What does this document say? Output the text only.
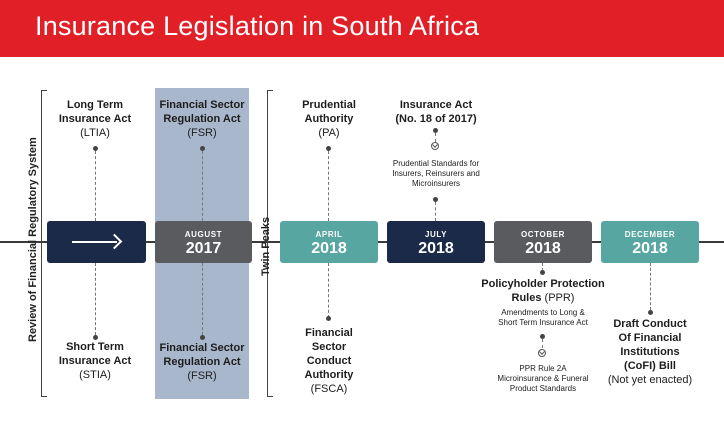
Insurance Legislation in South Africa
Review of Financial Regulatory System	Twin Peaks
AUGUST
2017
APRIL
2018
JULY
2018
OCTOBER
2018
DECEMBER
2018
Long Term
Insurance Act
(LTIA)
Financial Sector
Regulation Act
(FSR)
Prudential
Authority
(PA)
Insurance Act
(No. 18 of 2017)
Prudential Standards for
Insurers, Reinsurers and
Microinsurers
Short Term
Insurance Act
(STIA)
Financial Sector
Regulation Act
(FSR)
Financial
Sector
Conduct
Authority
(FSCA)
Policyholder Protection
Rules (PPR)
Amendments to Long &
Short Term Insurance Act
PPR Rule 2A
Microinsurance & Funeral
Product Standards
Draft Conduct
Of Financial
Institutions
(CoFI) Bill
(Not yet enacted)
